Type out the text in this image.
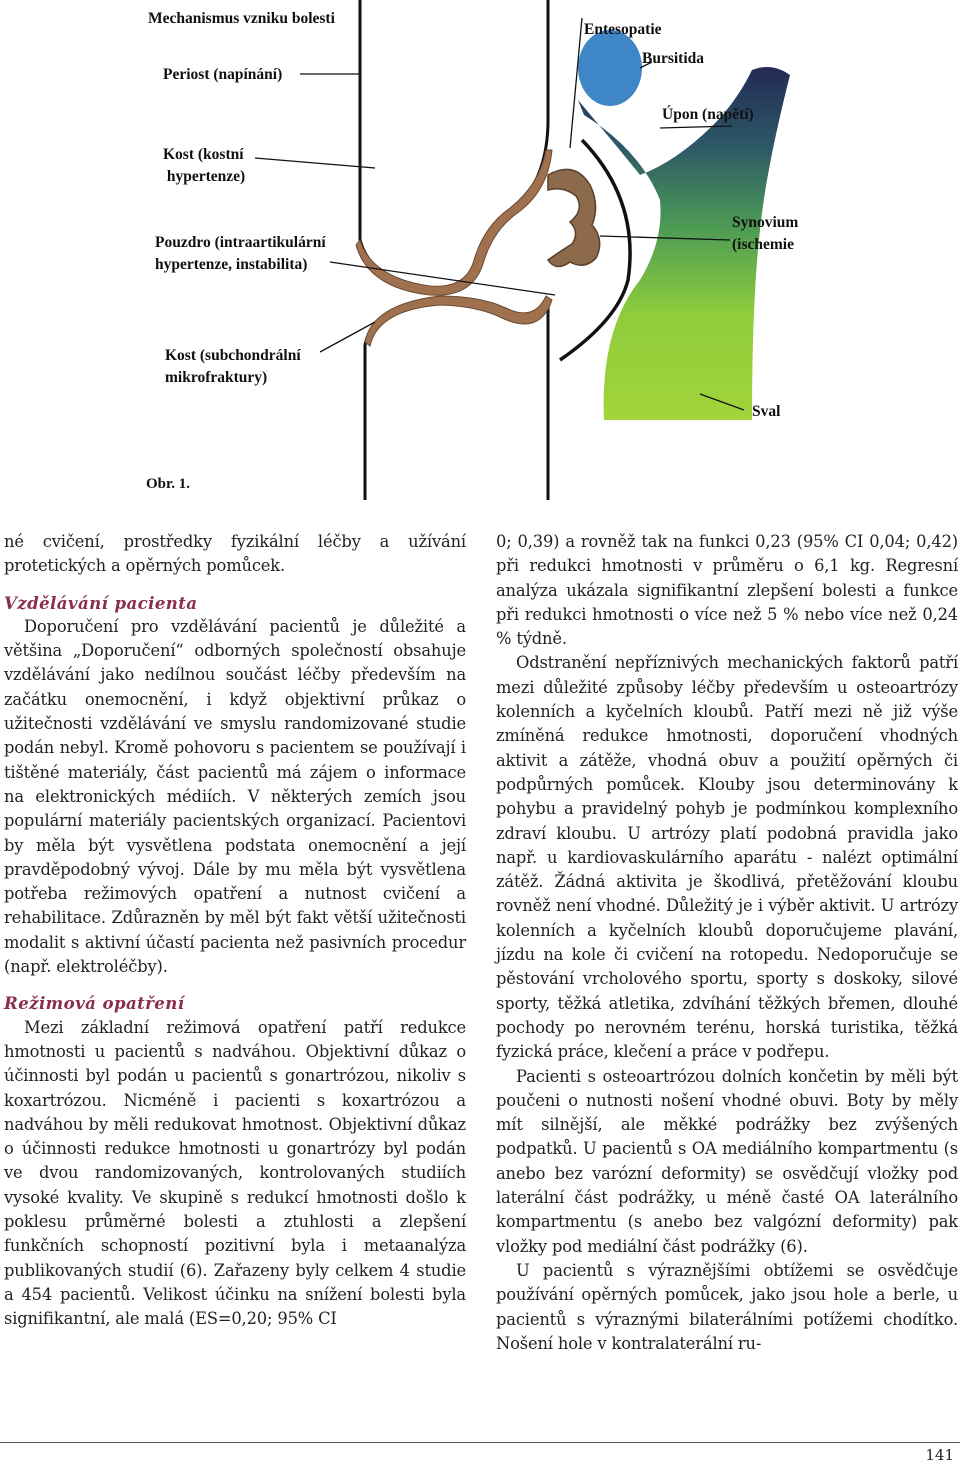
Mechanismus vzniku bolesti
Periost (napínání)
Kost (kostní
hypertenze)
Pouzdro (intraartikulární
hypertenze, instabilita)
Kost (subchondrální
mikrofraktury)
Entesopatie
Bursitida
Úpon (napětí)
Synovium
(ischemie
Sval
Obr. 1.

né cvičení, prostředky fyzikální léčby a užívání protetických a opěrných pomůcek.

Vzdělávání pacienta

Doporučení pro vzdělávání pacientů je důležité a většina „Doporučení“ odborných společností obsahuje vzdělávání jako nedílnou součást léčby především na začátku onemocnění, i když objektivní průkaz o užitečnosti vzdělávání ve smyslu randomizované studie podán nebyl. Kromě pohovoru s pacientem se používají i tištěné materiály, část pacientů má zájem o informace na elektronických médiích. V některých zemích jsou populární materiály pacientských organizací. Pacientovi by měla být vysvětlena podstata onemocnění a její pravděpodobný vývoj. Dále by mu měla být vysvětlena potřeba režimových opatření a nutnost cvičení a rehabilitace. Zdůrazněn by měl být fakt větší užitečnosti modalit s aktivní účastí pacienta než pasivních procedur (např. elektroléčby).

Režimová opatření

Mezi základní režimová opatření patří redukce hmotnosti u pacientů s nadváhou. Objektivní důkaz o účinnosti byl podán u pacientů s gonartrózou, nikoliv s koxartrózou. Nicméně i pacienti s koxartrózou a nadváhou by měli redukovat hmotnost. Objektivní důkaz o účinnosti redukce hmotnosti u gonartrózy byl podán ve dvou randomizovaných, kontrolovaných studiích vysoké kvality. Ve skupině s redukcí hmotnosti došlo k poklesu průměrné bolesti a ztuhlosti a zlepšení funkčních schopností pozitivní byla i metaanalýza publikovaných studií (6). Zařazeny byly celkem 4 studie a 454 pacientů. Velikost účinku na snížení bolesti byla signifikantní, ale malá (ES=0,20; 95% CI

0; 0,39) a rovněž tak na funkci 0,23 (95% CI 0,04; 0,42) při redukci hmotnosti v průměru o 6,1 kg. Regresní analýza ukázala signifikantní zlepšení bolesti a funkce při redukci hmotnosti o více než 5 % nebo více než 0,24 % týdně.

Odstranění nepříznivých mechanických faktorů patří mezi důležité způsoby léčby především u osteoartrózy kolenních a kyčelních kloubů. Patří mezi ně již výše zmíněná redukce hmotnosti, doporučení vhodných aktivit a zátěže, vhodná obuv a použití opěrných či podpůrných pomůcek. Klouby jsou determinovány k pohybu a pravidelný pohyb je podmínkou komplexního zdraví kloubu. U artrózy platí podobná pravidla jako např. u kardiovaskulárního aparátu - nalézt optimální zátěž. Žádná aktivita je škodlivá, přetěžování kloubu rovněž není vhodné. Důležitý je i výběr aktivit. U artrózy kolenních a kyčelních kloubů doporučujeme plavání, jízdu na kole či cvičení na rotopedu. Nedoporučuje se pěstování vrcholového sportu, sporty s doskoky, silové sporty, těžká atletika, zdvíhání těžkých břemen, dlouhé pochody po nerovném terénu, horská turistika, těžká fyzická práce, klečení a práce v podřepu.

Pacienti s osteoartrózou dolních končetin by měli být poučeni o nutnosti nošení vhodné obuvi. Boty by měly mít silnější, ale měkké podrážky bez zvýšených podpatků. U pacientů s OA mediálního kompartmentu (s anebo bez varózní deformity) se osvědčují vložky pod laterální část podrážky, u méně časté OA laterálního kompartmentu (s anebo bez valgózní deformity) pak vložky pod mediální část podrážky (6).

U pacientů s výraznějšími obtížemi se osvědčuje používání opěrných pomůcek, jako jsou hole a berle, u pacientů s výraznými bilaterálními potížemi chodítko. Nošení hole v kontralaterální ru-

141
